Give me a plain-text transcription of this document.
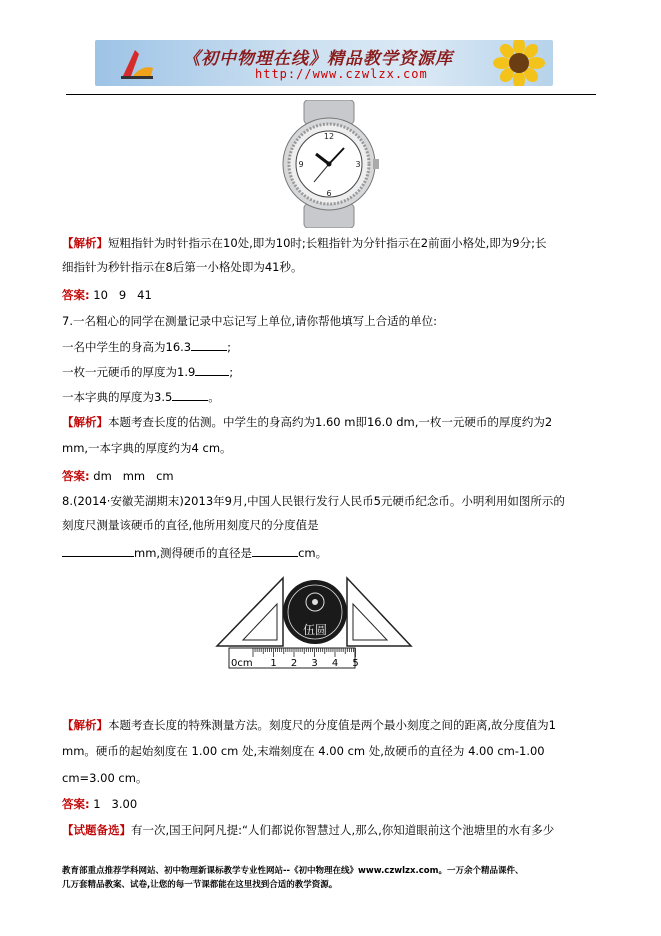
《初中物理在线》精品教学资源库
http://www.czwlzx.com
12
6
3
9
【解析】短粗指针为时针指示在10处,即为10时;长粗指针为分针指示在2前面小格处,即为9分;长
细指针为秒针指示在8后第一小格处即为41秒。
答案: 10   9   41
7.一名粗心的同学在测量记录中忘记写上单位,请你帮他填写上合适的单位:
一名中学生的身高为16.3	;
一枚一元硬币的厚度为1.9	;
一本字典的厚度为3.5	。
【解析】本题考查长度的估测。中学生的身高约为1.60 m即16.0 dm,一枚一元硬币的厚度约为2
mm,一本字典的厚度约为4 cm。
答案: dm   mm   cm
8.(2014·安徽芜湖期末)2013年9月,中国人民银行发行人民币5元硬币纪念币。小明利用如图所示的
刻度尺测量该硬币的直径,他所用刻度尺的分度值是
mm,测得硬币的直径是	cm。
伍圆
0cm 1 2 3 4 5
【解析】本题考查长度的特殊测量方法。刻度尺的分度值是两个最小刻度之间的距离,故分度值为1
mm。硬币的起始刻度在 1.00 cm 处,末端刻度在 4.00 cm 处,故硬币的直径为 4.00 cm-1.00
cm=3.00 cm。
答案: 1   3.00
【试题备选】有一次,国王问阿凡提:“人们都说你智慧过人,那么,你知道眼前这个池塘里的水有多少
教育部重点推荐学科网站、初中物理新课标教学专业性网站--《初中物理在线》www.czwlzx.com。一万余个精品课件、
几万套精品教案、试卷,让您的每一节课都能在这里找到合适的教学资源。
